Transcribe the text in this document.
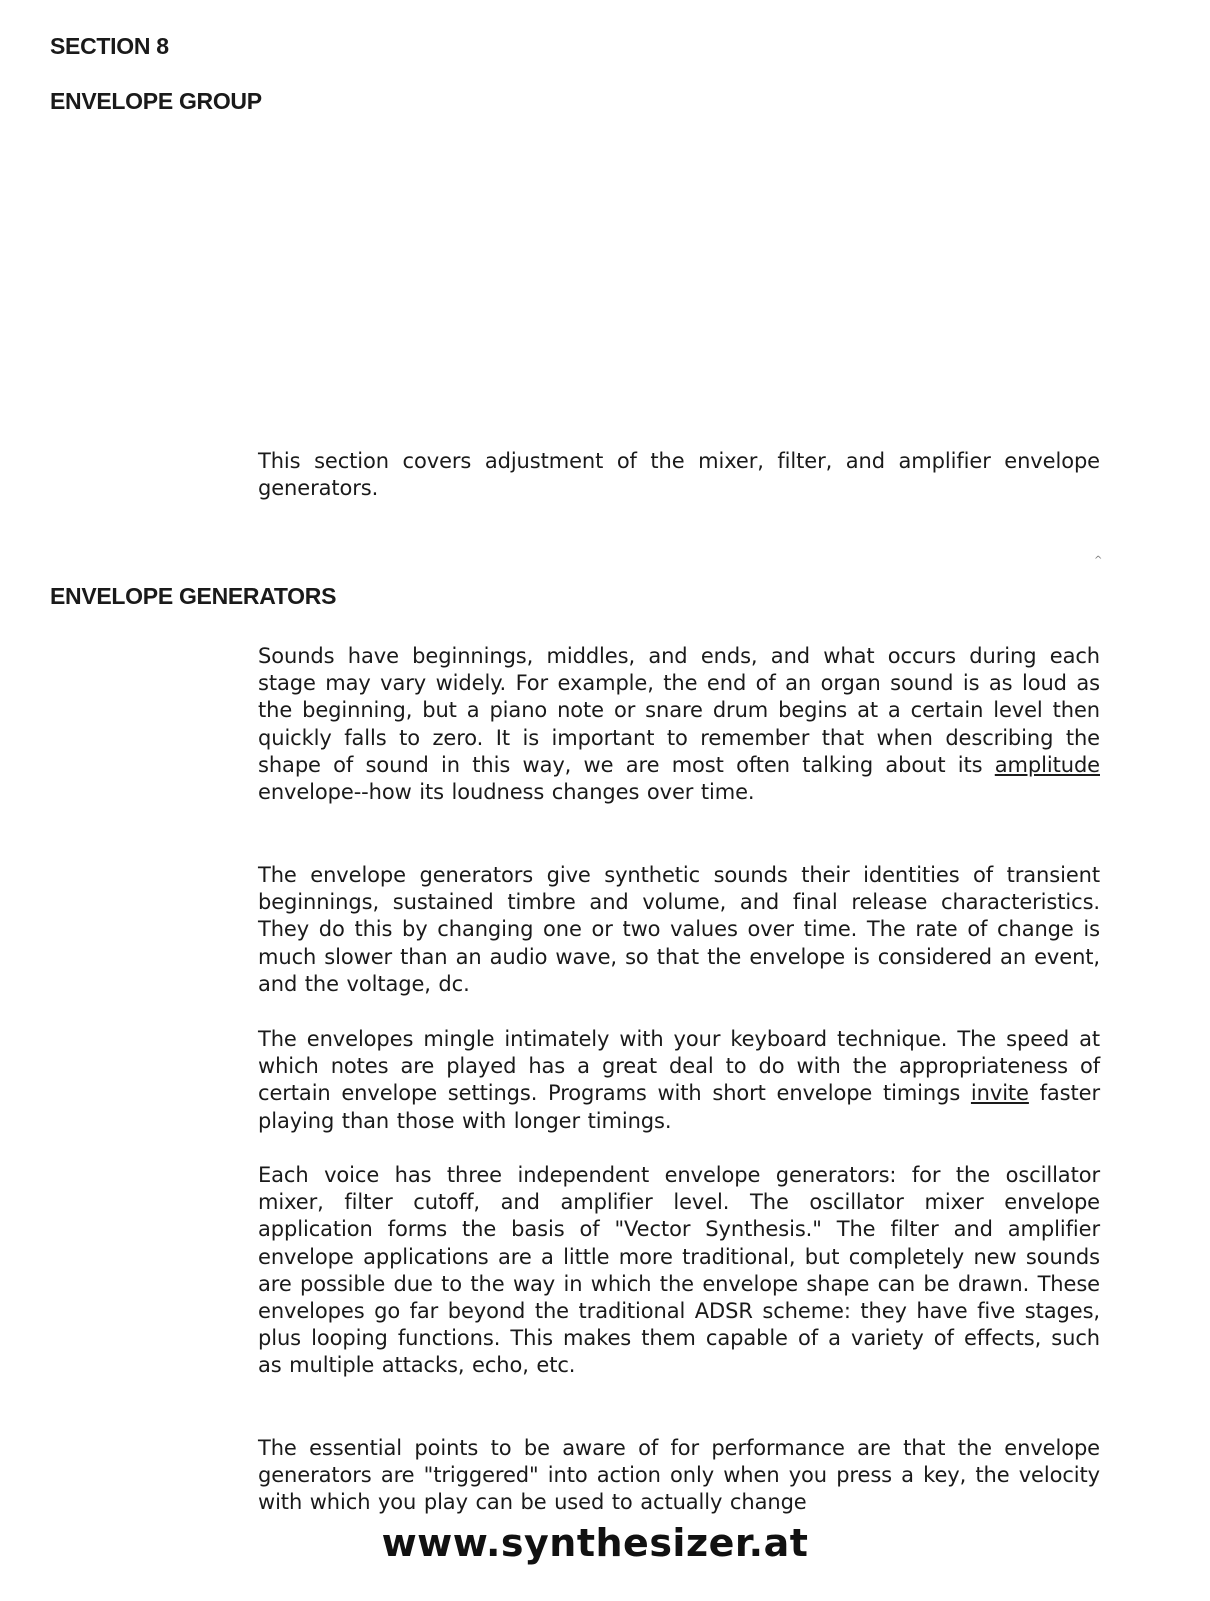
SECTION 8
ENVELOPE GROUP

This section covers adjustment of the mixer, filter, and amplifier envelope generators.

^
ENVELOPE GENERATORS

Sounds have beginnings, middles, and ends, and what occurs during each stage may vary widely. For example, the end of an organ sound is as loud as the beginning, but a piano note or snare drum begins at a certain level then quickly falls to zero. It is important to remember that when describing the shape of sound in this way, we are most often talking about its amplitude envelope--how its loudness changes over time.

The envelope generators give synthetic sounds their identities of transient beginnings, sustained timbre and volume, and final release characteristics. They do this by changing one or two values over time. The rate of change is much slower than an audio wave, so that the envelope is considered an event, and the voltage, dc.

The envelopes mingle intimately with your keyboard technique. The speed at which notes are played has a great deal to do with the appropriateness of certain envelope settings. Programs with short envelope timings invite faster playing than those with longer timings.

Each voice has three independent envelope generators: for the oscillator mixer, filter cutoff, and amplifier level. The oscillator mixer envelope application forms the basis of "Vector Synthesis." The filter and amplifier envelope applications are a little more traditional, but completely new sounds are possible due to the way in which the envelope shape can be drawn. These envelopes go far beyond the traditional ADSR scheme: they have five stages, plus looping functions. This makes them capable of a variety of effects, such as multiple attacks, echo, etc.

The essential points to be aware of for performance are that the envelope generators are "triggered" into action only when you press a key, the velocity with which you play can be used to actually change

www.synthesizer.at
